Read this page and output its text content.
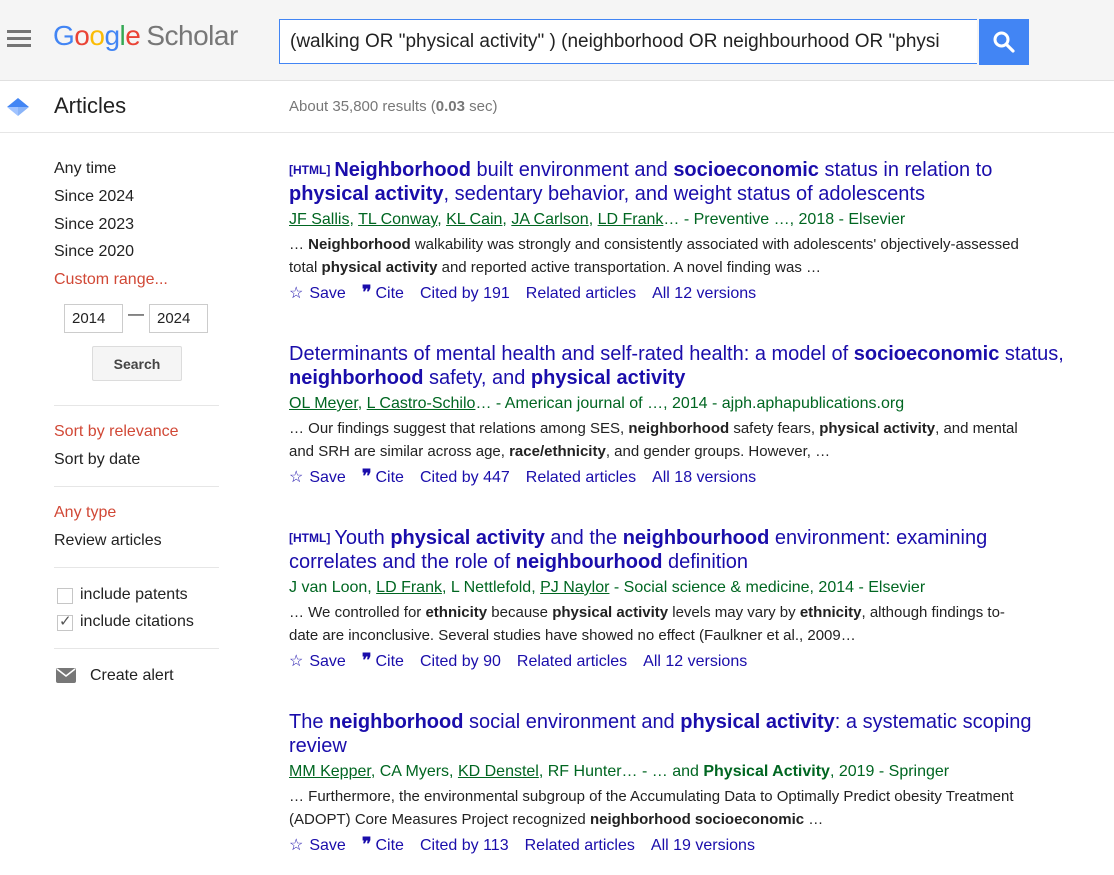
Google Scholar
(walking OR "physical activity" ) (neighborhood OR neighbourhood OR "physi
Articles	About 35,800 results (0.03 sec)
Any time
Since 2024
Since 2023
Since 2020
Custom range...
2014
—
2024
Search
Sort by relevance
Sort by date
Any type
Review articles
include patents
✓ include citations
Create alert
[HTML] Neighborhood built environment and socioeconomic status in relation to physical activity, sedentary behavior, and weight status of adolescents
JF Sallis, TL Conway, KL Cain, JA Carlson, LD Frank… - Preventive …, 2018 - Elsevier
… Neighborhood walkability was strongly and consistently associated with adolescents' objectively-assessed total physical activity and reported active transportation. A novel finding was …
☆ Save ❞ Cite Cited by 191 Related articles All 12 versions
Determinants of mental health and self-rated health: a model of socioeconomic status, neighborhood safety, and physical activity
OL Meyer, L Castro-Schilo… - American journal of …, 2014 - ajph.aphapublications.org
… Our findings suggest that relations among SES, neighborhood safety fears, physical activity, and mental and SRH are similar across age, race/ethnicity, and gender groups. However, …
☆ Save ❞ Cite Cited by 447 Related articles All 18 versions
[HTML] Youth physical activity and the neighbourhood environment: examining correlates and the role of neighbourhood definition
J van Loon, LD Frank, L Nettlefold, PJ Naylor - Social science & medicine, 2014 - Elsevier
… We controlled for ethnicity because physical activity levels may vary by ethnicity, although findings to-date are inconclusive. Several studies have showed no effect (Faulkner et al., 2009…
☆ Save ❞ Cite Cited by 90 Related articles All 12 versions
The neighborhood social environment and physical activity: a systematic scoping review
MM Kepper, CA Myers, KD Denstel, RF Hunter… - … and Physical Activity, 2019 - Springer
… Furthermore, the environmental subgroup of the Accumulating Data to Optimally Predict obesity Treatment (ADOPT) Core Measures Project recognized neighborhood socioeconomic …
☆ Save ❞ Cite Cited by 113 Related articles All 19 versions
